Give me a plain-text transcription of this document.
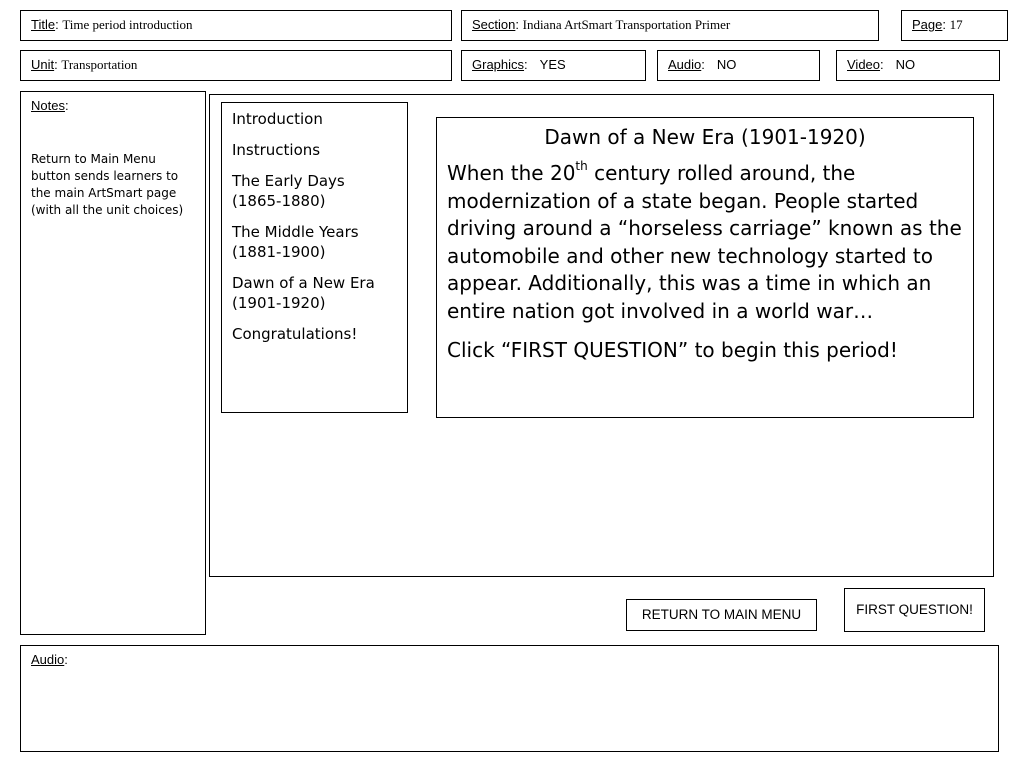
Title: Time period introduction	Section: Indiana ArtSmart Transportation Primer	Page: 17
Unit: Transportation	Graphics: YES	Audio: NO	Video: NO
Notes:
Return to Main Menu button sends learners to the main ArtSmart page (with all the unit choices)
Introduction
Instructions
The Early Days (1865-1880)
The Middle Years (1881-1900)
Dawn of a New Era (1901-1920)
Congratulations!
Dawn of a New Era (1901-1920)

When the 20th century rolled around, the modernization of a state began. People started driving around a “horseless carriage” known as the automobile and other new technology started to appear. Additionally, this was a time in which an entire nation got involved in a world war…

Click “FIRST QUESTION” to begin this period!

RETURN TO MAIN MENU	FIRST QUESTION!
Audio:
